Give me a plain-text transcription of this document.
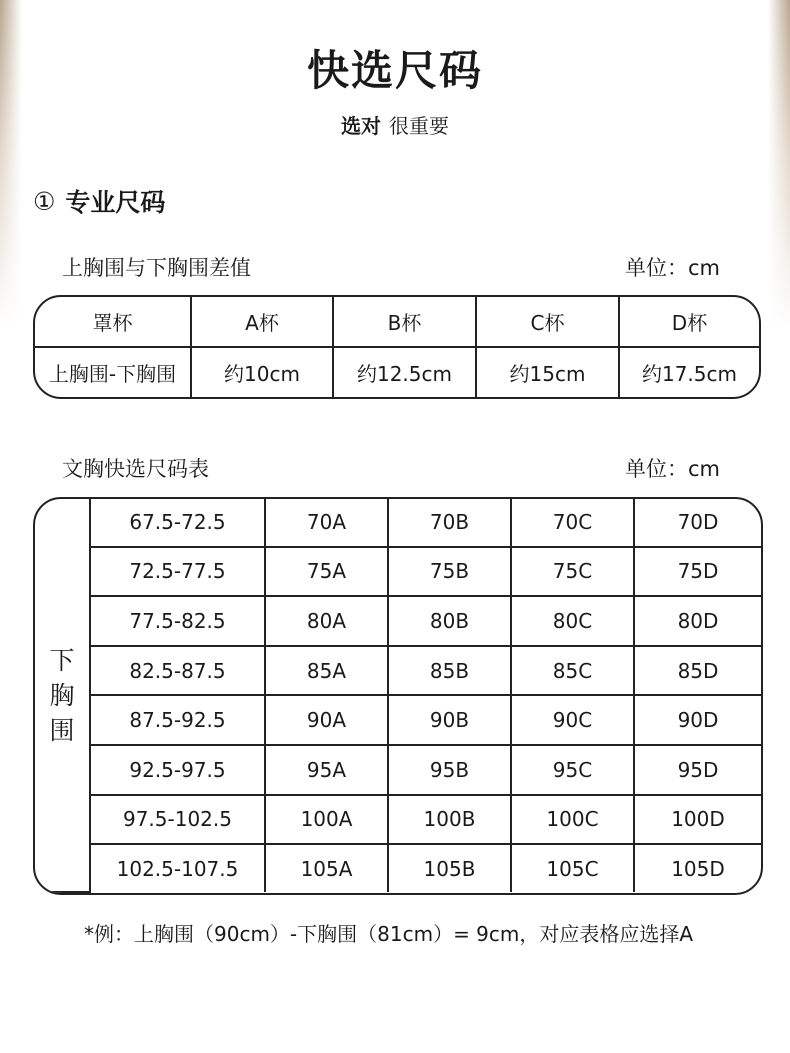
快选尺码
选对 很重要
① 专业尺码
上胸围与下胸围差值	单位：cm
罩杯	A杯	B杯	C杯	D杯
上胸围-下胸围	约10cm	约12.5cm	约15cm	约17.5cm
文胸快选尺码表	单位：cm
下胸围	67.5-72.5	70A	70B	70C	70D
	72.5-77.5	75A	75B	75C	75D
	77.5-82.5	80A	80B	80C	80D
	82.5-87.5	85A	85B	85C	85D
	87.5-92.5	90A	90B	90C	90D
	92.5-97.5	95A	95B	95C	95D
	97.5-102.5	100A	100B	100C	100D
	102.5-107.5	105A	105B	105C	105D
*例：上胸围（90cm）-下胸围（81cm）= 9cm，对应表格应选择A
